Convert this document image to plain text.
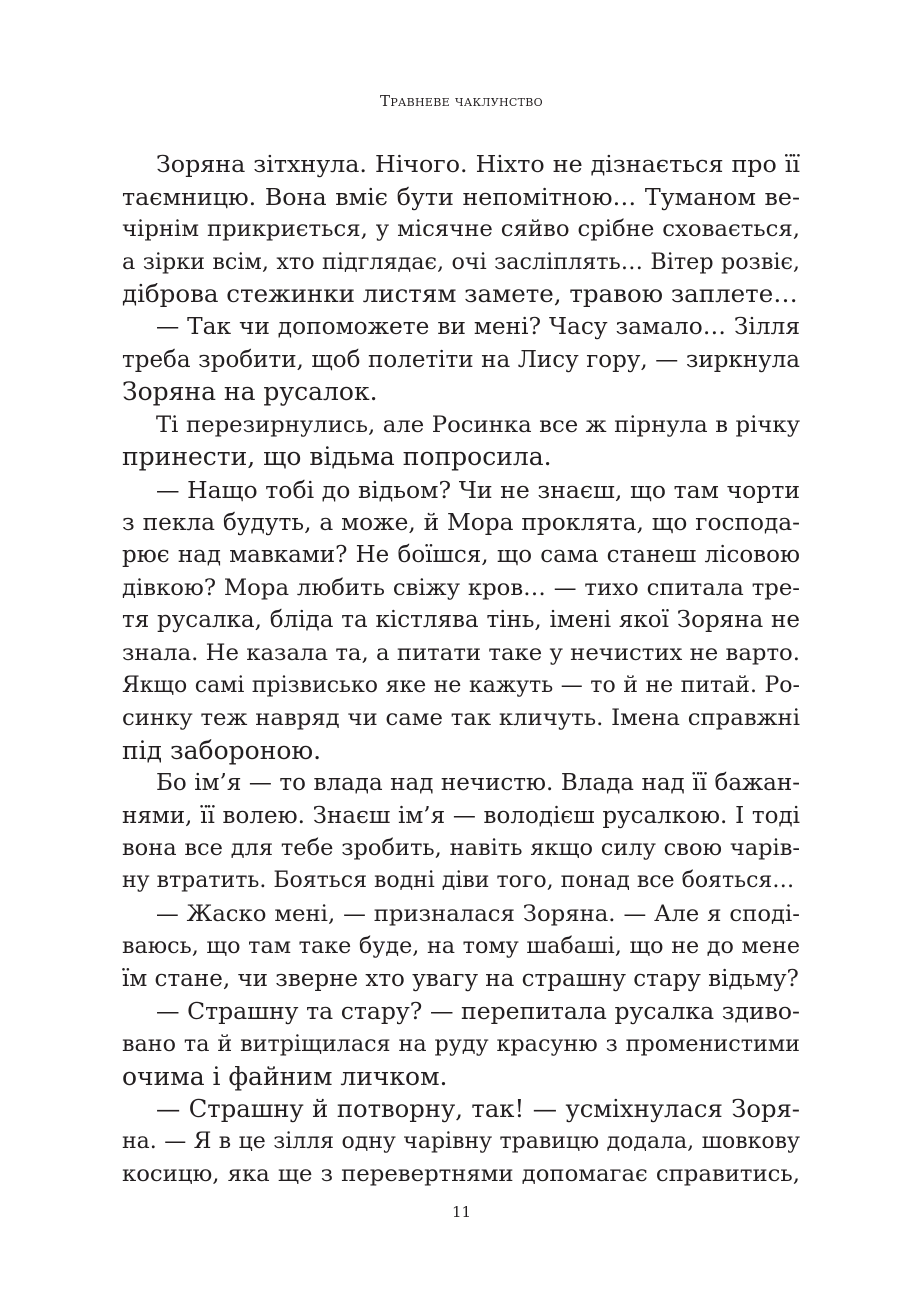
Травневе чаклунство
Зоряна зітхнула. Нічого. Ніхто не дізнається про її
таємницю. Вона вміє бути непомітною… Туманом ве-
чірнім прикриється, у місячне сяйво срібне сховається,
а зірки всім, хто підглядає, очі засліплять… Вітер розвіє,
діброва стежинки листям замете, травою заплете…
— Так чи допоможете ви мені? Часу замало… Зілля
треба зробити, щоб полетіти на Лису гору, — зиркнула
Зоряна на русалок.
Ті перезирнулись, але Росинка все ж пірнула в річку
принести, що відьма попросила.
— Нащо тобі до відьом? Чи не знаєш, що там чорти
з пекла будуть, а може, й Мора проклята, що господа-
рює над мавками? Не боїшся, що сама станеш лісовою
дівкою? Мора любить свіжу кров… — тихо спитала тре-
тя русалка, бліда та кістлява тінь, імені якої Зоряна не
знала. Не казала та, а питати таке у нечистих не варто.
Якщо самі прізвисько яке не кажуть — то й не питай. Ро-
синку теж навряд чи саме так кличуть. Імена справжні
під забороною.
Бо ім’я — то влада над нечистю. Влада над її бажан-
нями, її волею. Знаєш ім’я — володієш русалкою. І тоді
вона все для тебе зробить, навіть якщо силу свою чарів-
ну втратить. Бояться водні діви того, понад все бояться…
— Жаско мені, — призналася Зоряна. — Але я сподi-
ваюсь, що там таке буде, на тому шабаші, що не до мене
їм стане, чи зверне хто увагу на страшну стару відьму?
— Страшну та стару? — перепитала русалка здиво-
вано та й витріщилася на руду красуню з променистими
очима і файним личком.
— Страшну й потворну, так! — усміхнулася Зоря-
на. — Я в це зілля одну чарівну травицю додала, шовкову
косицю, яка ще з перевертнями допомагає справитись,
11
